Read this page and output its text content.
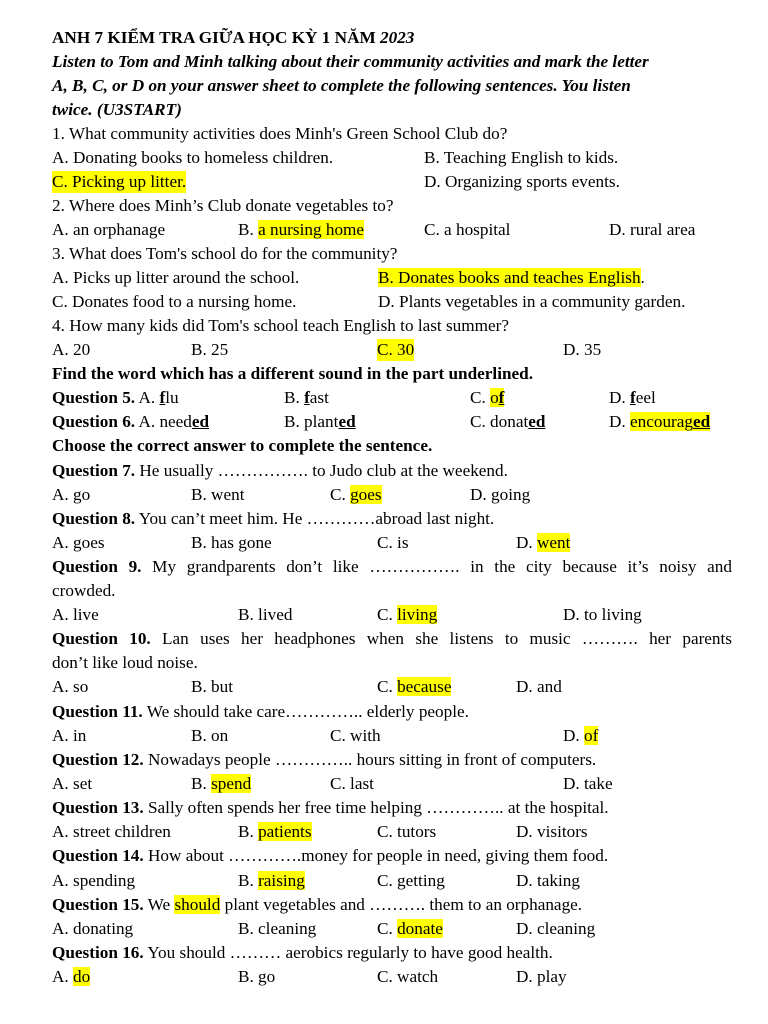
ANH 7 KIỂM TRA GIỮA HỌC KỲ 1 NĂM 2023
Listen to Tom and Minh talking about their community activities and mark the letter
A, B, C, or D on your answer sheet to complete the following sentences. You listen
twice. (U3START)
1. What community activities does Minh's Green School Club do?
A. Donating books to homeless children.	B. Teaching English to kids.
C. Picking up litter.	D. Organizing sports events.
2. Where does Minh’s Club donate vegetables to?
A. an orphanage	B. a nursing home	C. a hospital	D. rural area
3. What does Tom's school do for the community?
A. Picks up litter around the school.	B. Donates books and teaches English.
C. Donates food to a nursing home.	D. Plants vegetables in a community garden.
4. How many kids did Tom's school teach English to last summer?
A. 20	B. 25	C. 30	D. 35
Find the word which has a different sound in the part underlined.
Question 5. A. flu	B. fast	C. of	D. feel
Question 6. A. needed	B. planted	C. donated	D. encouraged
Choose the correct answer to complete the sentence.
Question 7. He usually ……………. to Judo club at the weekend.
A. go	B. went	C. goes	D. going
Question 8. You can’t meet him. He …………abroad last night.
A. goes	B. has gone	C. is	D. went
Question 9. My grandparents don’t like ……………. in the city because it’s noisy and
crowded.
A. live	B. lived	C. living	D. to living
Question 10. Lan uses her headphones when she listens to music ………. her parents
don’t like loud noise.
A. so	B. but	C. because	D. and
Question 11. We should take care………….. elderly people.
A. in	B. on	C. with	D. of
Question 12. Nowadays people ………….. hours sitting in front of computers.
A. set	B. spend	C. last	D. take
Question 13. Sally often spends her free time helping ………….. at the hospital.
A. street children	B. patients	C. tutors	D. visitors
Question 14. How about ………….money for people in need, giving them food.
A. spending	B. raising	C. getting	D. taking
Question 15. We should plant vegetables and ………. them to an orphanage.
A. donating	B. cleaning	C. donate	D. cleaning
Question 16. You should ……… aerobics regularly to have good health.
A. do	B. go	C. watch	D. play
